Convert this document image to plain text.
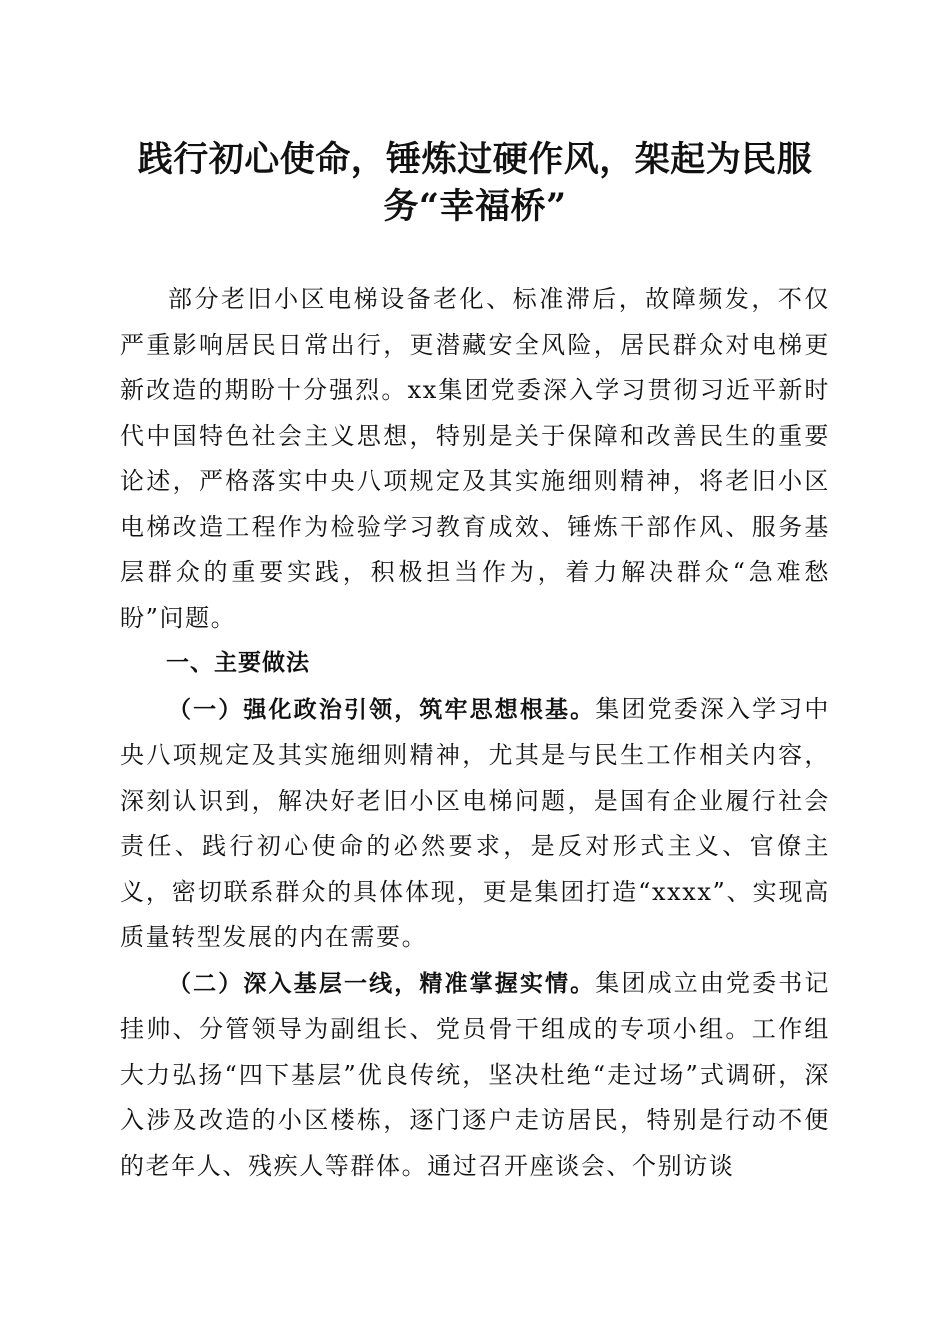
践行初心使命，锤炼过硬作风，架起为民服务“幸福桥”

部分老旧小区电梯设备老化、标准滞后，故障频发，不仅严重影响居民日常出行，更潜藏安全风险，居民群众对电梯更新改造的期盼十分强烈。xx集团党委深入学习贯彻习近平新时代中国特色社会主义思想，特别是关于保障和改善民生的重要论述，严格落实中央八项规定及其实施细则精神，将老旧小区电梯改造工程作为检验学习教育成效、锤炼干部作风、服务基层群众的重要实践，积极担当作为，着力解决群众“急难愁盼”问题。

一、主要做法

（一）强化政治引领，筑牢思想根基。集团党委深入学习中央八项规定及其实施细则精神，尤其是与民生工作相关内容，深刻认识到，解决好老旧小区电梯问题，是国有企业履行社会责任、践行初心使命的必然要求，是反对形式主义、官僚主义，密切联系群众的具体体现，更是集团打造“xxxx”、实现高质量转型发展的内在需要。

（二）深入基层一线，精准掌握实情。集团成立由党委书记挂帅、分管领导为副组长、党员骨干组成的专项小组。工作组大力弘扬“四下基层”优良传统，坚决杜绝“走过场”式调研，深入涉及改造的小区楼栋，逐门逐户走访居民，特别是行动不便的老年人、残疾人等群体。通过召开座谈会、个别访谈
